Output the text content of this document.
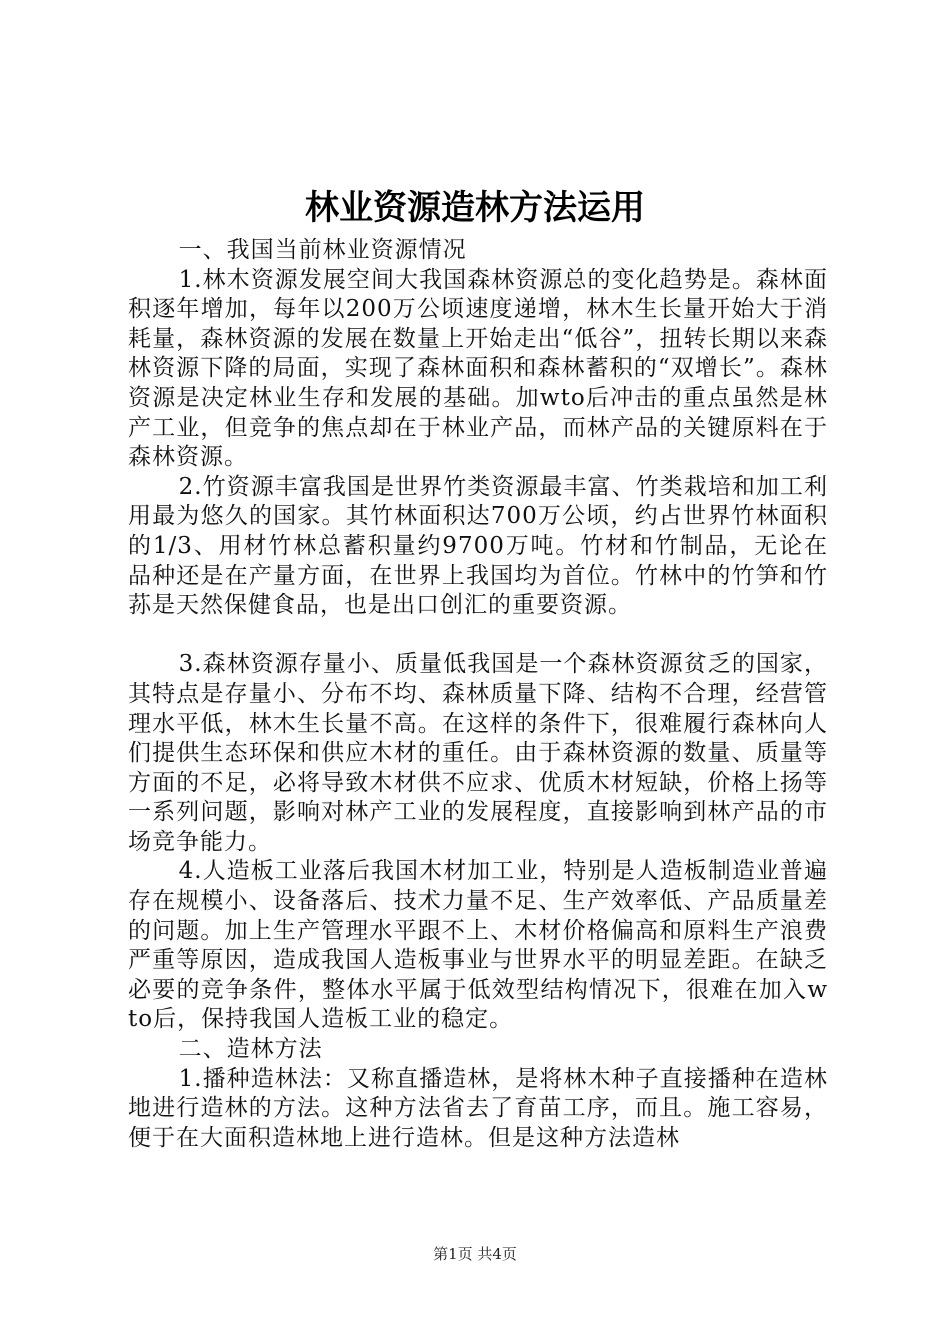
林业资源造林方法运用

一、我国当前林业资源情况

1.林木资源发展空间大我国森林资源总的变化趋势是。森林面积逐年增加，每年以200万公顷速度递增，林木生长量开始大于消耗量，森林资源的发展在数量上开始走出“低谷”，扭转长期以来森林资源下降的局面，实现了森林面积和森林蓄积的“双增长”。森林资源是决定林业生存和发展的基础。加wto后冲击的重点虽然是林产工业，但竞争的焦点却在于林业产品，而林产品的关键原料在于森林资源。

2.竹资源丰富我国是世界竹类资源最丰富、竹类栽培和加工利用最为悠久的国家。其竹林面积达700万公顷，约占世界竹林面积的1/3、用材竹林总蓄积量约9700万吨。竹材和竹制品，无论在品种还是在产量方面，在世界上我国均为首位。竹林中的竹笋和竹荪是天然保健食品，也是出口创汇的重要资源。

3.森林资源存量小、质量低我国是一个森林资源贫乏的国家，其特点是存量小、分布不均、森林质量下降、结构不合理，经营管理水平低，林木生长量不高。在这样的条件下，很难履行森林向人们提供生态环保和供应木材的重任。由于森林资源的数量、质量等方面的不足，必将导致木材供不应求、优质木材短缺，价格上扬等一系列问题，影响对林产工业的发展程度，直接影响到林产品的市场竞争能力。

4.人造板工业落后我国木材加工业，特别是人造板制造业普遍存在规模小、设备落后、技术力量不足、生产效率低、产品质量差的问题。加上生产管理水平跟不上、木材价格偏高和原料生产浪费严重等原因，造成我国人造板事业与世界水平的明显差距。在缺乏必要的竞争条件，整体水平属于低效型结构情况下，很难在加入wto后，保持我国人造板工业的稳定。

二、造林方法

1.播种造林法：又称直播造林，是将林木种子直接播种在造林地进行造林的方法。这种方法省去了育苗工序，而且。施工容易，便于在大面积造林地上进行造林。但是这种方法造林

第1页 共4页
